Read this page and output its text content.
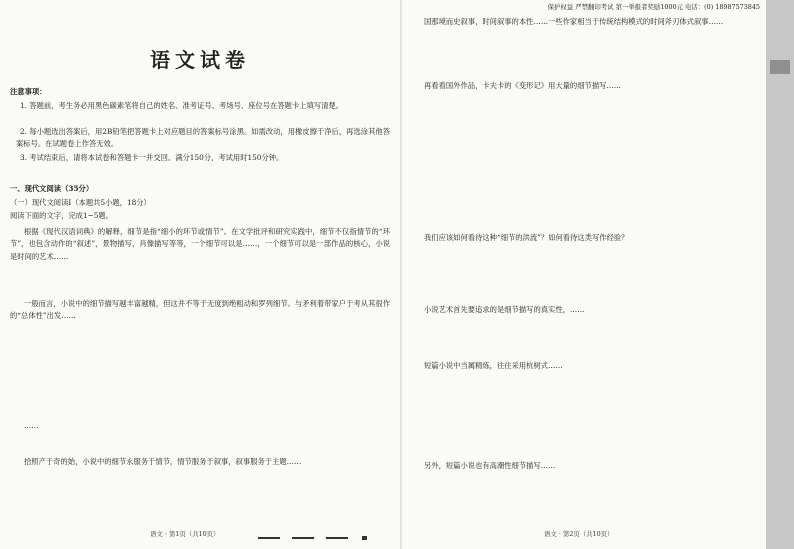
语文试卷

注意事项：

1. 答题前，考生务必用黑色碳素笔将自己的姓名、准考证号、考场号、座位号在答题卡上填写清楚。

2. 每小题选出答案后，用2B铅笔把答题卡上对应题目的答案标号涂黑。如需改动，用橡皮擦干净后，再选涂其他答案标号。在试题卷上作答无效。

3. 考试结束后，请将本试卷和答题卡一并交回。满分150分，考试用时150分钟。

一、现代文阅读（35分）

（一）现代文阅读Ⅰ（本题共5小题，18分）

阅读下面的文字，完成1~5题。

根据《现代汉语词典》的解释，细节是指“细小的环节或情节”。在文学批评和研究实践中，细节不仅指情节的“环节”，也包含动作的“叙述”，景物描写，肖像描写等等，一个细节可以是……，一个细节可以是一部作品的核心，小说是时间的艺术……

一般而言，小说中的细节描写越丰富越精，但这并不等于无度到绝粗动和罗列细节。与矛利着带家户于考从其很作的“总体性”出发……

……

拾照产于奇的始，小说中的细节永服务于情节，情节服务于叙事，叙事服务于主题……

语文 · 第1页（共10页）
保护权益 严禁翻印考试 第一举报者奖励1000元 电话：(0) 18987573845

国那境而史叙事，时间叙事的本性……一些作家相当于传统结构模式的时间斧刃体式叙事……

再看看国外作品，卡夫卡的《变形记》用大量的细节描写……

我们应该如何看待这种“细节的洪流”？如何看待这类写作经验？

小说艺术首先要追求的是细节描写的真实性，……

短篇小说中当属精炼，往往采用杭树式……

另外，短篇小说也有高潮性细节描写……

语文 · 第2页（共10页）
